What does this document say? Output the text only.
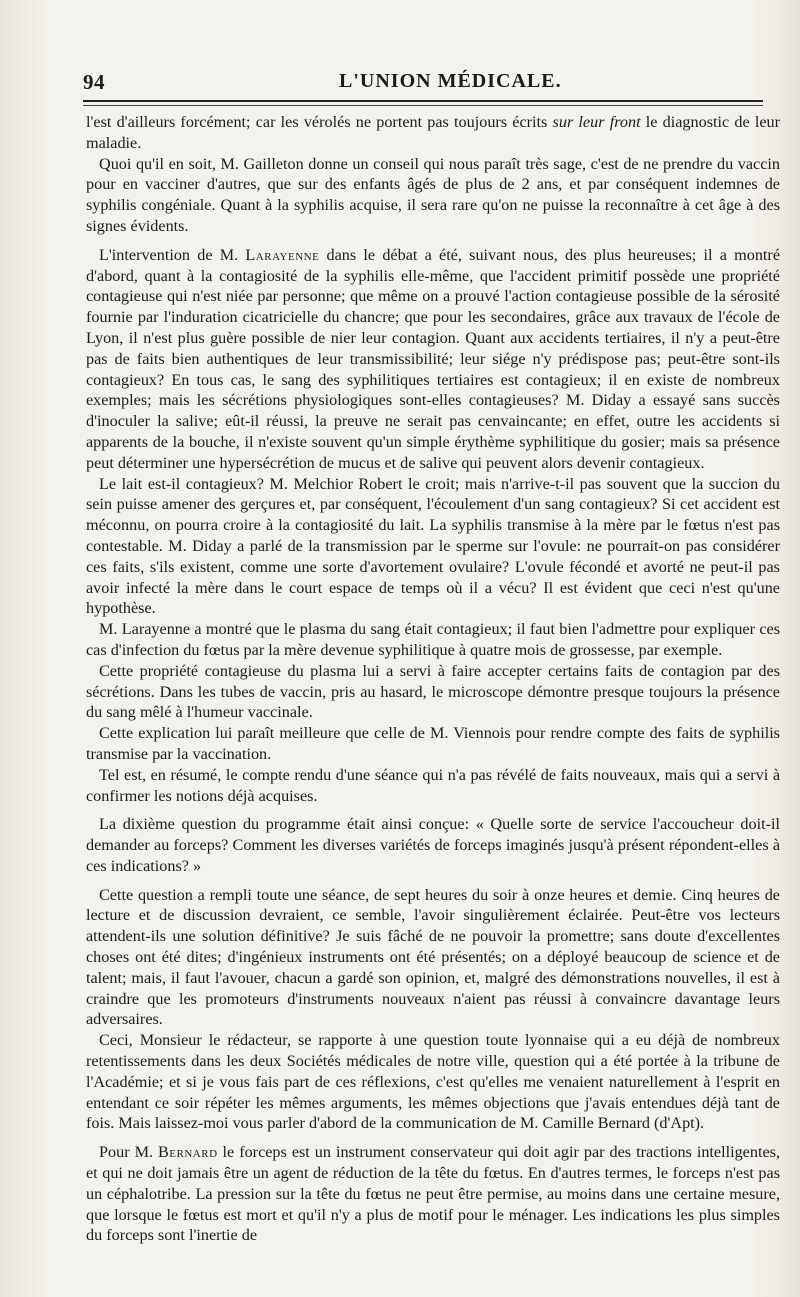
94	L'UNION MÉDICALE.

l'est d'ailleurs forcément; car les vérolés ne portent pas toujours écrits sur leur front le diagnostic de leur maladie.

Quoi qu'il en soit, M. Gailleton donne un conseil qui nous paraît très sage, c'est de ne prendre du vaccin pour en vacciner d'autres, que sur des enfants âgés de plus de 2 ans, et par conséquent indemnes de syphilis congéniale. Quant à la syphilis acquise, il sera rare qu'on ne puisse la reconnaître à cet âge à des signes évidents.

L'intervention de M. Larayenne dans le débat a été, suivant nous, des plus heureuses; il a montré d'abord, quant à la contagiosité de la syphilis elle-même, que l'accident primitif possède une propriété contagieuse qui n'est niée par personne; que même on a prouvé l'action contagieuse possible de la sérosité fournie par l'induration cicatricielle du chancre; que pour les secondaires, grâce aux travaux de l'école de Lyon, il n'est plus guère possible de nier leur contagion. Quant aux accidents tertiaires, il n'y a peut-être pas de faits bien authentiques de leur transmissibilité; leur siége n'y prédispose pas; peut-être sont-ils contagieux? En tous cas, le sang des syphilitiques tertiaires est contagieux; il en existe de nombreux exemples; mais les sécrétions physiologiques sont-elles contagieuses? M. Diday a essayé sans succès d'inoculer la salive; eût-il réussi, la preuve ne serait pas cenvaincante; en effet, outre les accidents si apparents de la bouche, il n'existe souvent qu'un simple érythème syphilitique du gosier; mais sa présence peut déterminer une hypersécrétion de mucus et de salive qui peuvent alors devenir contagieux.

Le lait est-il contagieux? M. Melchior Robert le croit; mais n'arrive-t-il pas souvent que la succion du sein puisse amener des gerçures et, par conséquent, l'écoulement d'un sang contagieux? Si cet accident est méconnu, on pourra croire à la contagiosité du lait. La syphilis transmise à la mère par le fœtus n'est pas contestable. M. Diday a parlé de la transmission par le sperme sur l'ovule: ne pourrait-on pas considérer ces faits, s'ils existent, comme une sorte d'avortement ovulaire? L'ovule fécondé et avorté ne peut-il pas avoir infecté la mère dans le court espace de temps où il a vécu? Il est évident que ceci n'est qu'une hypothèse.

M. Larayenne a montré que le plasma du sang était contagieux; il faut bien l'admettre pour expliquer ces cas d'infection du fœtus par la mère devenue syphilitique à quatre mois de grossesse, par exemple.

Cette propriété contagieuse du plasma lui a servi à faire accepter certains faits de contagion par des sécrétions. Dans les tubes de vaccin, pris au hasard, le microscope démontre presque toujours la présence du sang mêlé à l'humeur vaccinale.

Cette explication lui paraît meilleure que celle de M. Viennois pour rendre compte des faits de syphilis transmise par la vaccination.

Tel est, en résumé, le compte rendu d'une séance qui n'a pas révélé de faits nouveaux, mais qui a servi à confirmer les notions déjà acquises.

La dixième question du programme était ainsi conçue: « Quelle sorte de service l'accoucheur doit-il demander au forceps? Comment les diverses variétés de forceps imaginés jusqu'à présent répondent-elles à ces indications? »

Cette question a rempli toute une séance, de sept heures du soir à onze heures et demie. Cinq heures de lecture et de discussion devraient, ce semble, l'avoir singulièrement éclairée. Peut-être vos lecteurs attendent-ils une solution définitive? Je suis fâché de ne pouvoir la promettre; sans doute d'excellentes choses ont été dites; d'ingénieux instruments ont été présentés; on a déployé beaucoup de science et de talent; mais, il faut l'avouer, chacun a gardé son opinion, et, malgré des démonstrations nouvelles, il est à craindre que les promoteurs d'instruments nouveaux n'aient pas réussi à convaincre davantage leurs adversaires.

Ceci, Monsieur le rédacteur, se rapporte à une question toute lyonnaise qui a eu déjà de nombreux retentissements dans les deux Sociétés médicales de notre ville, question qui a été portée à la tribune de l'Académie; et si je vous fais part de ces réflexions, c'est qu'elles me venaient naturellement à l'esprit en entendant ce soir répéter les mêmes arguments, les mêmes objections que j'avais entendues déjà tant de fois. Mais laissez-moi vous parler d'abord de la communication de M. Camille Bernard (d'Apt).

Pour M. Bernard le forceps est un instrument conservateur qui doit agir par des tractions intelligentes, et qui ne doit jamais être un agent de réduction de la tête du fœtus. En d'autres termes, le forceps n'est pas un céphalotribe. La pression sur la tête du fœtus ne peut être permise, au moins dans une certaine mesure, que lorsque le fœtus est mort et qu'il n'y a plus de motif pour le ménager. Les indications les plus simples du forceps sont l'inertie de
